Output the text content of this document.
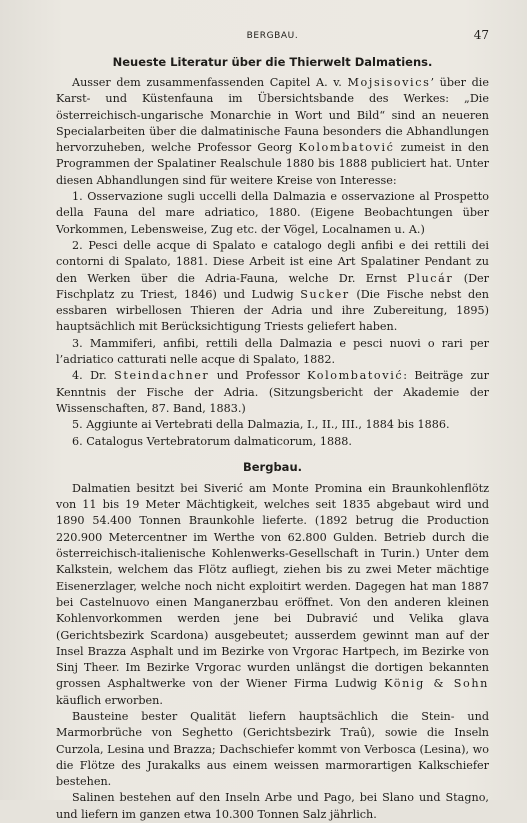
BERGBAU.	47
Neueste Literatur über die Thierwelt Dalmatiens.

Ausser dem zusammenfassenden Capitel A. v. Mojsisovics’ über die Karst- und Küstenfauna im Übersichtsbande des Werkes: „Die österreichisch-ungarische Monarchie in Wort und Bild“ sind an neueren Specialarbeiten über die dalmatinische Fauna besonders die Abhandlungen hervorzuheben, welche Professor Georg Kolombatović zumeist in den Programmen der Spalatiner Realschule 1880 bis 1888 publiciert hat. Unter diesen Abhandlungen sind für weitere Kreise von Interesse:

1. Osservazione sugli uccelli della Dalmazia e osservazione al Prospetto della Fauna del mare adriatico, 1880. (Eigene Beobachtungen über Vorkommen, Lebensweise, Zug etc. der Vögel, Localnamen u. A.)
2. Pesci delle acque di Spalato e catalogo degli anfibi e dei rettili dei contorni di Spalato, 1881. Diese Arbeit ist eine Art Spalatiner Pendant zu den Werken über die Adria-Fauna, welche Dr. Ernst Plucár (Der Fischplatz zu Triest, 1846) und Ludwig Sucker (Die Fische nebst den essbaren wirbellosen Thieren der Adria und ihre Zubereitung, 1895) hauptsächlich mit Berücksichtigung Triests geliefert haben.
3. Mammiferi, anfibi, rettili della Dalmazia e pesci nuovi o rari per l’adriatico catturati nelle acque di Spalato, 1882.
4. Dr. Steindachner und Professor Kolombatović: Beiträge zur Kenntnis der Fische der Adria. (Sitzungsbericht der Akademie der Wissenschaften, 87. Band, 1883.)
5. Aggiunte ai Vertebrati della Dalmazia, I., II., III., 1884 bis 1886.
6. Catalogus Vertebratorum dalmaticorum, 1888.
Bergbau.

Dalmatien besitzt bei Siverić am Monte Promina ein Braunkohlenflötz von 11 bis 19 Meter Mächtigkeit, welches seit 1835 abgebaut wird und 1890 54.400 Tonnen Braunkohle lieferte. (1892 betrug die Production 220.900 Metercentner im Werthe von 62.800 Gulden. Betrieb durch die österreichisch-italienische Kohlenwerks-Gesellschaft in Turin.) Unter dem Kalkstein, welchem das Flötz aufliegt, ziehen bis zu zwei Meter mächtige Eisenerzlager, welche noch nicht exploitirt werden. Dagegen hat man 1887 bei Castelnuovo einen Manganerzbau eröffnet. Von den anderen kleinen Kohlenvorkommen werden jene bei Dubravić und Velika glava (Gerichtsbezirk Scardona) ausgebeutet; ausserdem gewinnt man auf der Insel Brazza Asphalt und im Bezirke von Vrgorac Hartpech, im Bezirke von Sinj Theer. Im Bezirke Vrgorac wurden unlängst die dortigen bekannten grossen Asphaltwerke von der Wiener Firma Ludwig König & Sohn käuflich erworben.

Bausteine bester Qualität liefern hauptsächlich die Stein- und Marmorbrüche von Seghetto (Gerichtsbezirk Traû), sowie die Inseln Curzola, Lesina und Brazza; Dachschiefer kommt von Verbosca (Lesina), wo die Flötze des Jurakalks aus einem weissen marmorartigen Kalkschiefer bestehen.

Salinen bestehen auf den Inseln Arbe und Pago, bei Slano und Stagno, und liefern im ganzen etwa 10.300 Tonnen Salz jährlich.
